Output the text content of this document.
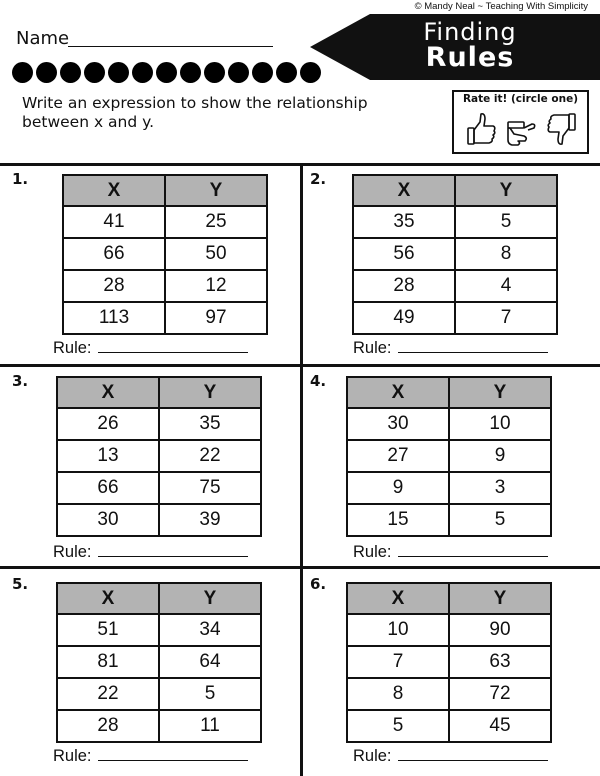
© Mandy Neal ~ Teaching With Simplicity
Name	Finding
Rules
Write an expression to show the relationship between x and y.
Rate it! (circle one)
1.
X	Y
41	25
66	50
28	12
113	97
Rule:
2.
X	Y
35	5
56	8
28	4
49	7
Rule:
3.
X	Y
26	35
13	22
66	75
30	39
Rule:
4.
X	Y
30	10
27	9
9	3
15	5
Rule:
5.
X	Y
51	34
81	64
22	5
28	11
Rule:
6.
X	Y
10	90
7	63
8	72
5	45
Rule:
